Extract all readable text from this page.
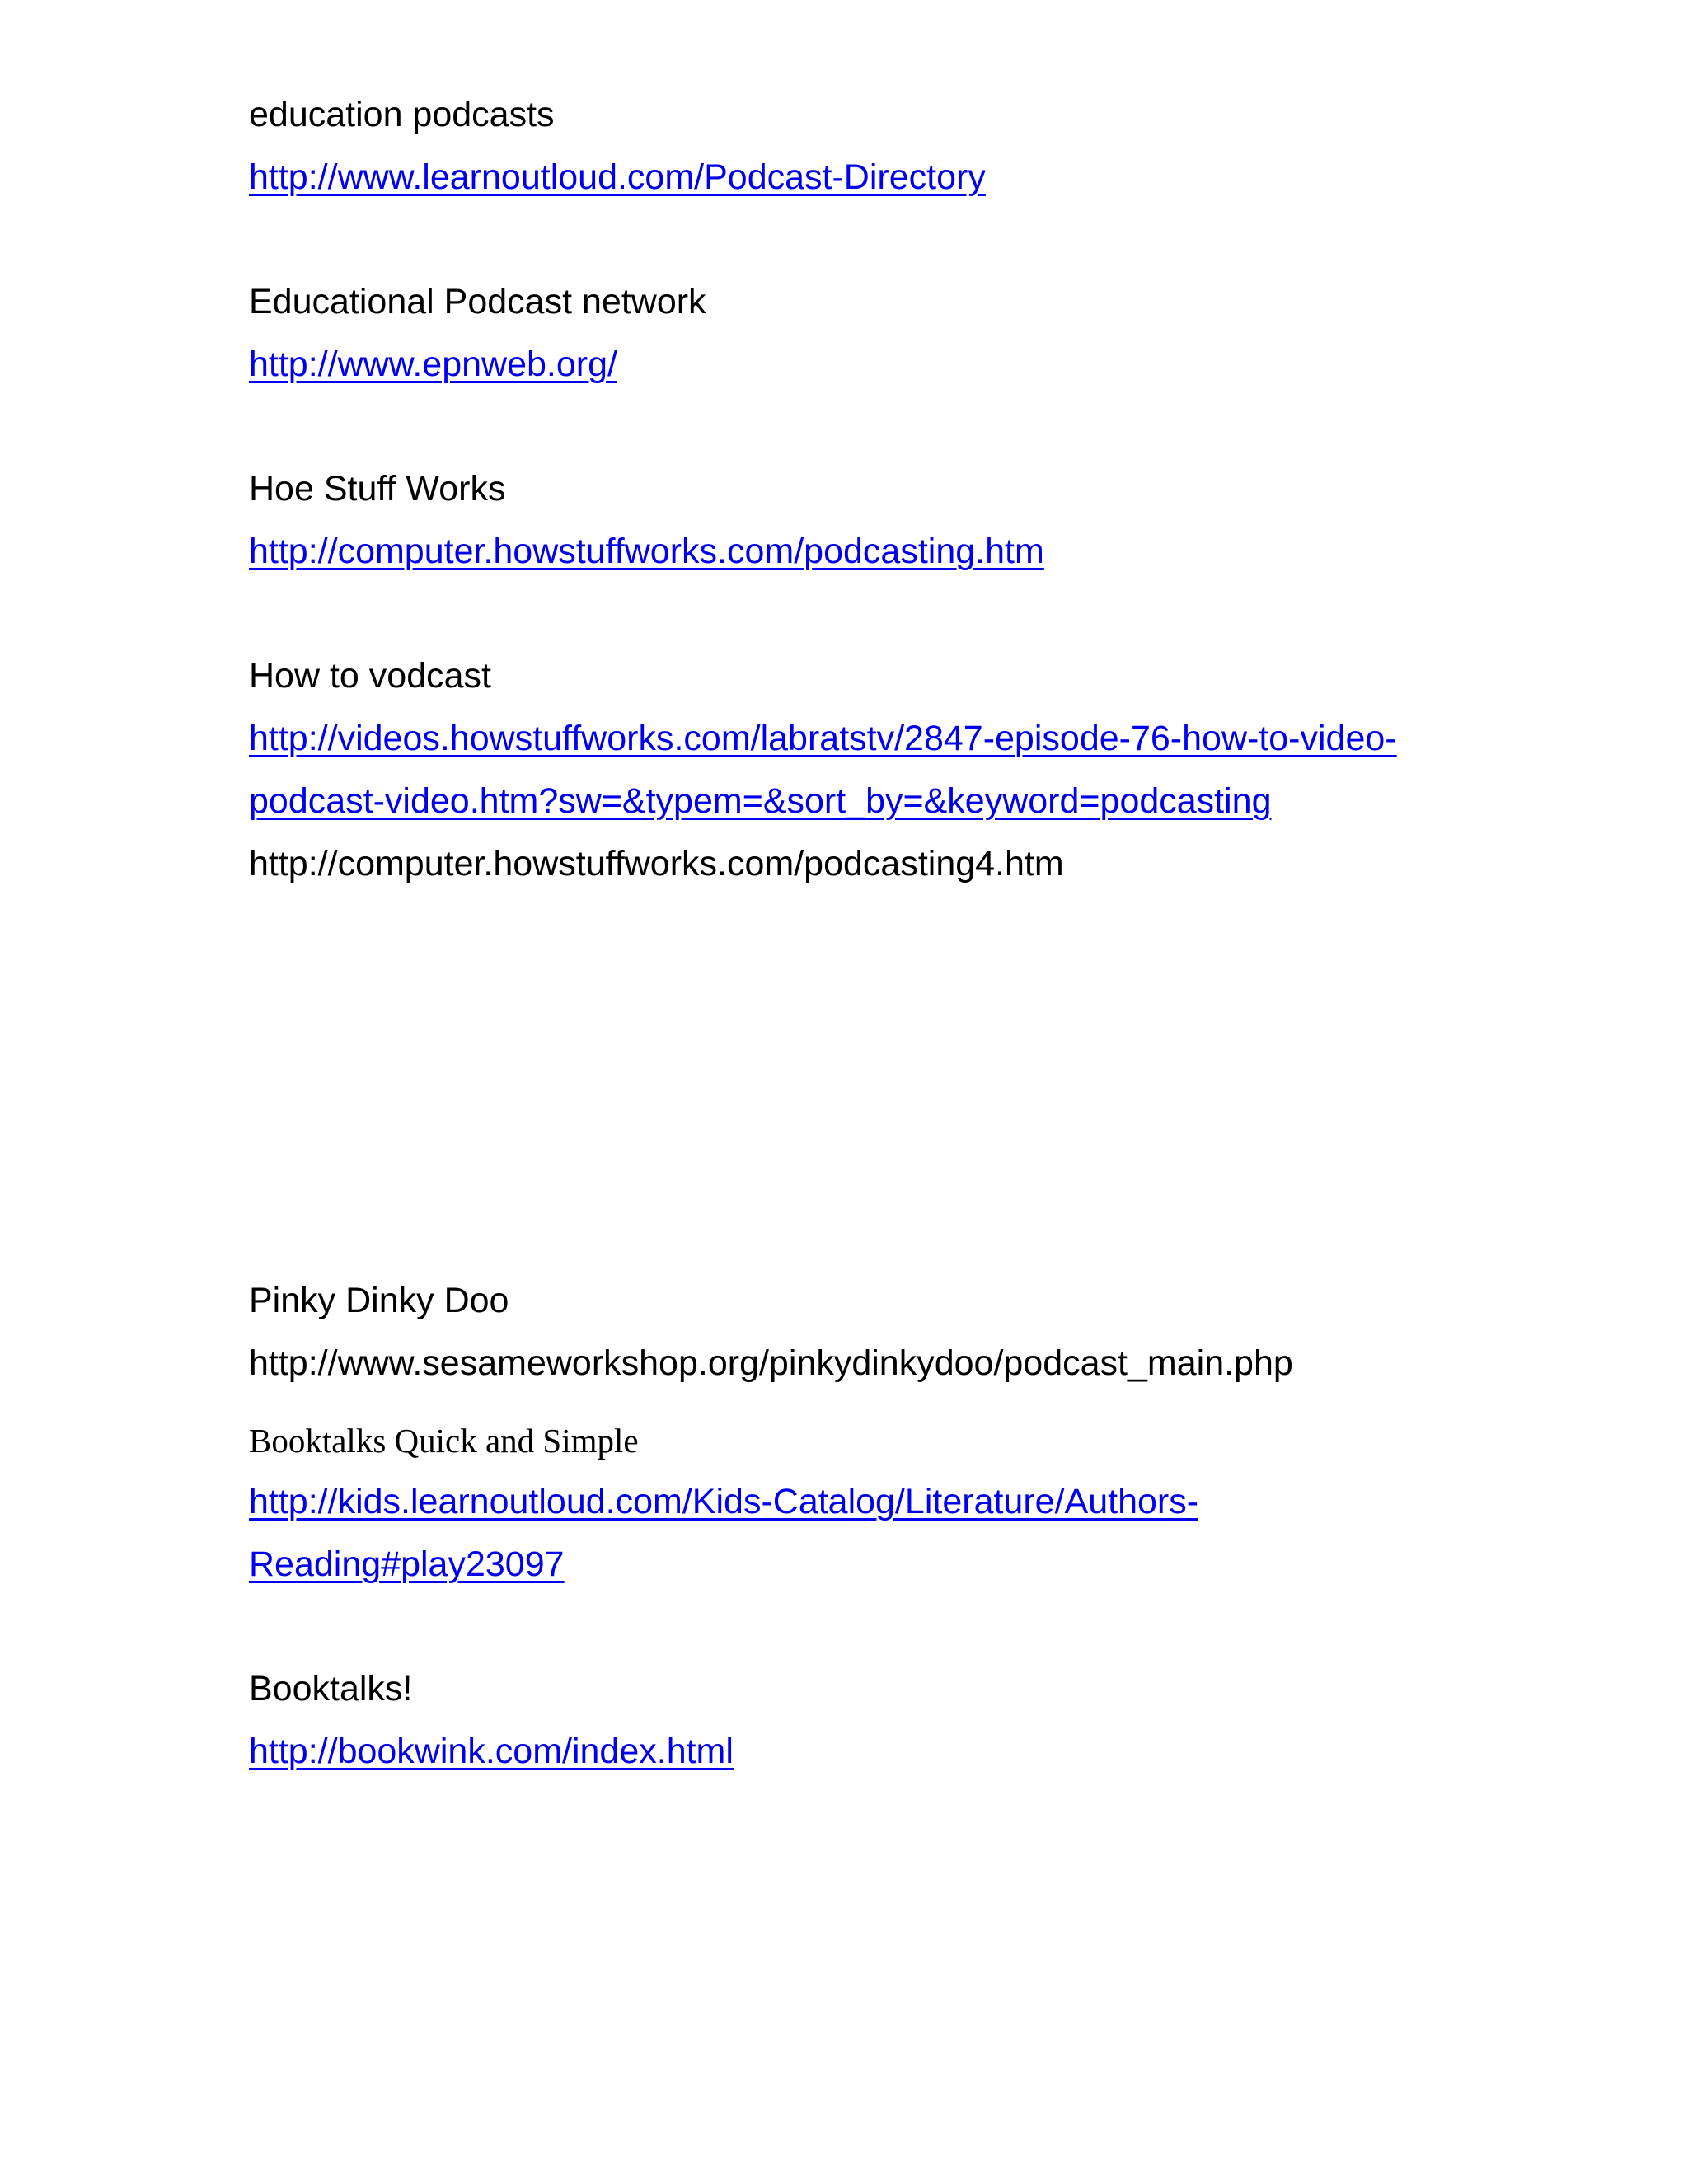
education podcasts

http://www.learnoutloud.com/Podcast-Directory

Educational Podcast network

http://www.epnweb.org/

Hoe Stuff Works

http://computer.howstuffworks.com/podcasting.htm

How to vodcast

http://videos.howstuffworks.com/labratstv/2847-episode-76-how-to-video-
podcast-video.htm?sw=&typem=&sort_by=&keyword=podcasting

http://computer.howstuffworks.com/podcasting4.htm

Pinky Dinky Doo

http://www.sesameworkshop.org/pinkydinkydoo/podcast_main.php

Booktalks Quick and Simple

http://kids.learnoutloud.com/Kids-Catalog/Literature/Authors-
Reading#play23097

Booktalks!

http://bookwink.com/index.html
